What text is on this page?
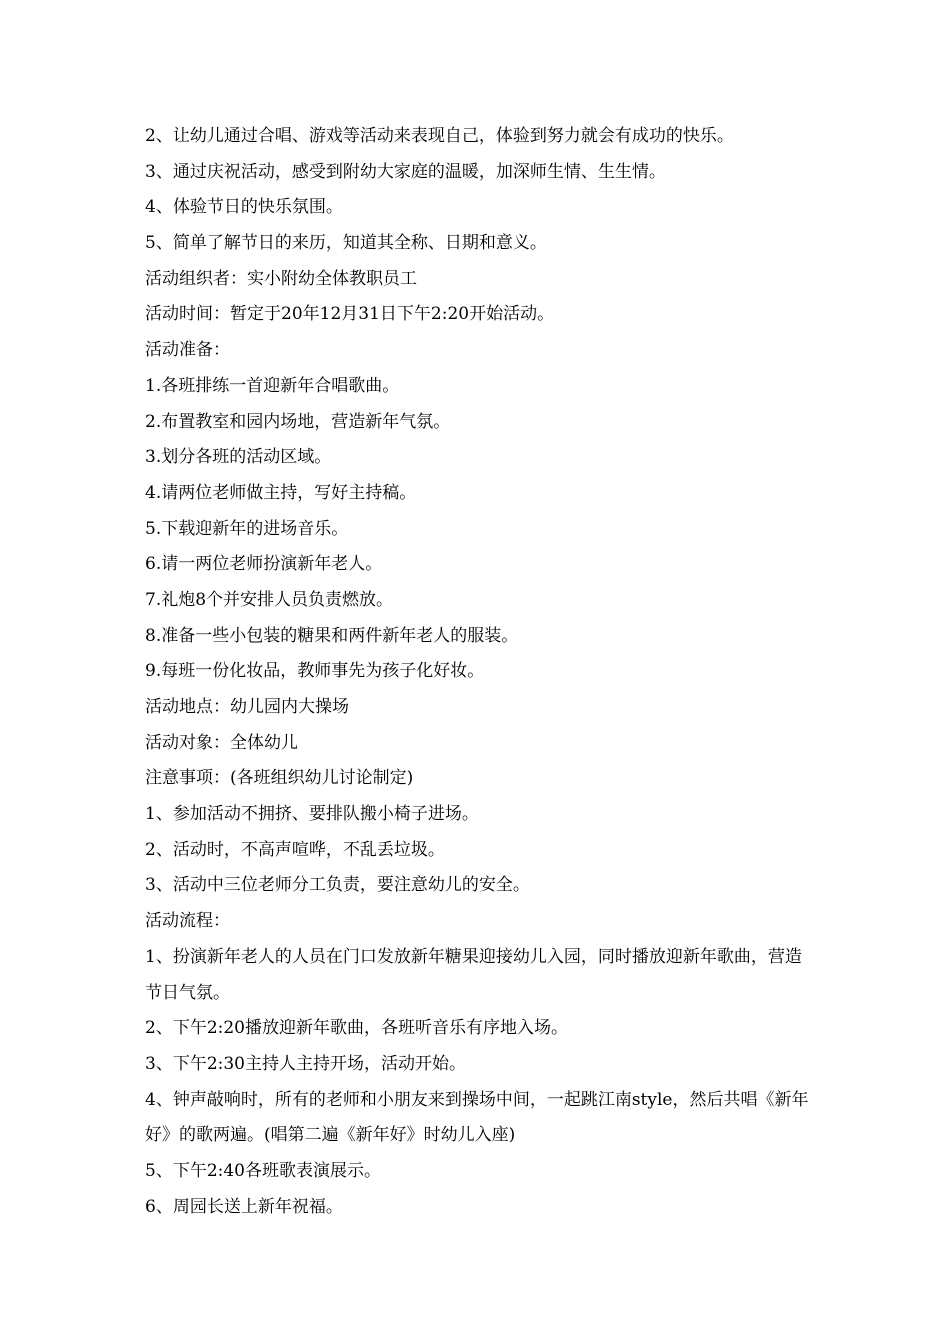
2、让幼儿通过合唱、游戏等活动来表现自己，体验到努力就会有成功的快乐。

3、通过庆祝活动，感受到附幼大家庭的温暖，加深师生情、生生情。

4、体验节日的快乐氛围。

5、简单了解节日的来历，知道其全称、日期和意义。

活动组织者：实小附幼全体教职员工

活动时间：暂定于20年12月31日下午2:20开始活动。

活动准备：

1.各班排练一首迎新年合唱歌曲。

2.布置教室和园内场地，营造新年气氛。

3.划分各班的活动区域。

4.请两位老师做主持，写好主持稿。

5.下载迎新年的进场音乐。

6.请一两位老师扮演新年老人。

7.礼炮8个并安排人员负责燃放。

8.准备一些小包装的糖果和两件新年老人的服装。

9.每班一份化妆品，教师事先为孩子化好妆。

活动地点：幼儿园内大操场

活动对象：全体幼儿

注意事项：(各班组织幼儿讨论制定)

1、参加活动不拥挤、要排队搬小椅子进场。

2、活动时，不高声喧哗，不乱丢垃圾。

3、活动中三位老师分工负责，要注意幼儿的安全。

活动流程：

1、扮演新年老人的人员在门口发放新年糖果迎接幼儿入园，同时播放迎新年歌曲，营造节日气氛。

2、下午2:20播放迎新年歌曲，各班听音乐有序地入场。

3、下午2:30主持人主持开场，活动开始。

4、钟声敲响时，所有的老师和小朋友来到操场中间，一起跳江南style，然后共唱《新年好》的歌两遍。(唱第二遍《新年好》时幼儿入座)

5、下午2:40各班歌表演展示。

6、周园长送上新年祝福。
